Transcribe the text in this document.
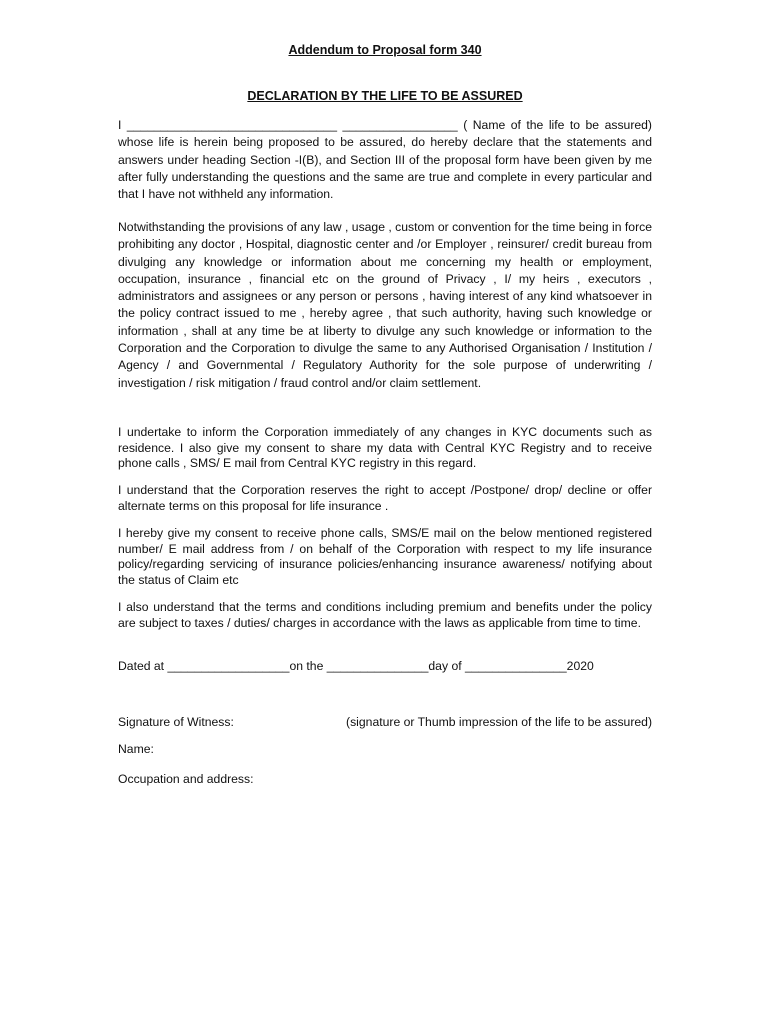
Addendum to Proposal form 340
DECLARATION BY THE LIFE TO BE ASSURED

I _______________________________ _________________ ( Name of the life to be assured) whose life is herein being proposed to be assured, do hereby declare that the statements and answers under heading Section -I(B), and Section III of the proposal form have been given by me after fully understanding the questions and the same are true and complete in every particular and that I have not withheld any information.

Notwithstanding the provisions of any law , usage , custom or convention for the time being in force prohibiting any doctor , Hospital, diagnostic center and /or Employer , reinsurer/ credit bureau from divulging any knowledge or information about me concerning my health or employment, occupation, insurance , financial etc on the ground of Privacy , I/ my heirs , executors , administrators and assignees or any person or persons , having interest of any kind whatsoever in the policy contract issued to me , hereby agree , that such authority, having such knowledge or information , shall at any time be at liberty to divulge any such knowledge or information to the Corporation and the Corporation to divulge the same to any Authorised Organisation / Institution / Agency / and Governmental / Regulatory Authority for the sole purpose of underwriting / investigation / risk mitigation / fraud control and/or claim settlement.

I undertake to inform the Corporation immediately of any changes in KYC documents such as residence. I also give my consent to share my data with Central KYC Registry and to receive phone calls , SMS/ E mail from Central KYC registry in this regard.

I understand that the Corporation reserves the right to accept /Postpone/ drop/ decline or offer alternate terms on this proposal for life insurance .

I hereby give my consent to receive phone calls, SMS/E mail on the below mentioned registered number/ E mail address from / on behalf of the Corporation with respect to my life insurance policy/regarding servicing of insurance policies/enhancing insurance awareness/ notifying about the status of Claim etc

I also understand that the terms and conditions including premium and benefits under the policy are subject to taxes / duties/ charges in accordance with the laws as applicable from time to time.

Dated at __________________on the _______________day of _______________2020
Signature of Witness:	(signature or Thumb impression of the life to be assured)
Name:
Occupation and address:
